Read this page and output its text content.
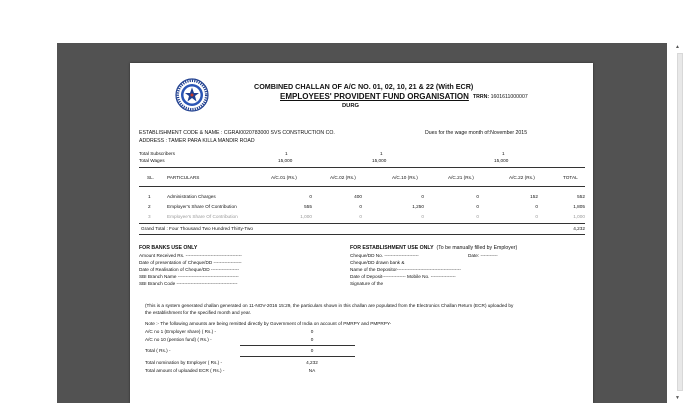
▲
▼
COMBINED CHALLAN OF A/C NO. 01, 02, 10, 21 & 22 (With ECR)
EMPLOYEES' PROVIDENT FUND ORGANISATION
DURG
TRRN: 1601611000007
ESTABLISHMENT CODE & NAME : CGRAI0020783000 SVS CONSTRUCTION CO.
ADDRESS : TAMER PARA KILLA MANDIR ROAD
Dues for the wage month of:November 2015
Total Subscribers
Total Wages
1	1	1
15,000	15,000	15,000
SL.	PARTICULARS	A/C.01 (Rs.)	A/C.02 (Rs.)	A/C.10 (Rs.)	A/C.21 (Rs.)	A/C.22 (Rs.)	TOTAL
1	Administration Charges	0	400	0	0	152	552
2	Employer's Share Of Contribution	555	0	1,250	0	0	1,805
3	Employee's Share Of Contribution	1,000	0	0	0	0	1,000
Grand Total : Four Thousand Two Hundred Thirty-Two	4,232
FOR BANKS USE ONLY
Amount Received Rs. ------------------------------------
Date of presentation of Cheque/DD ------------------
Date of Realisation of Cheque/DD ------------------
SBI Branch Name ---------------------------------------
SBI Branch Code ---------------------------------------
FOR ESTABLISHMENT USE ONLY (To be manually filled by Employer)
Cheque/DD No. ----------------------	Date: -----------
Cheque/DD drawn bank &
Name of the Depositor-----------------------------------------
Date of Deposit--------------- Mobile No. ----------------
Signature of the
(This is a system generated challan generated on 11-NOV-2016 15:29, the particulars shown in this challan are populated from the Electronics Challan Return (ECR) uploaded by
the establishment for the specified month and year.
Note :- The following amounts are being remitted directly by Government of India on account of PMRPY and PMPRPY-
A/C no 1 (Employer share) ( Rs.) -	0
A/C no 10 (pention fund) ( Rs.) -	0
Total ( Rs.) -	0
Total nomination by Employer ( Rs.) -	4,232
Total amount of uploaded ECR ( Rs.) -	NA
